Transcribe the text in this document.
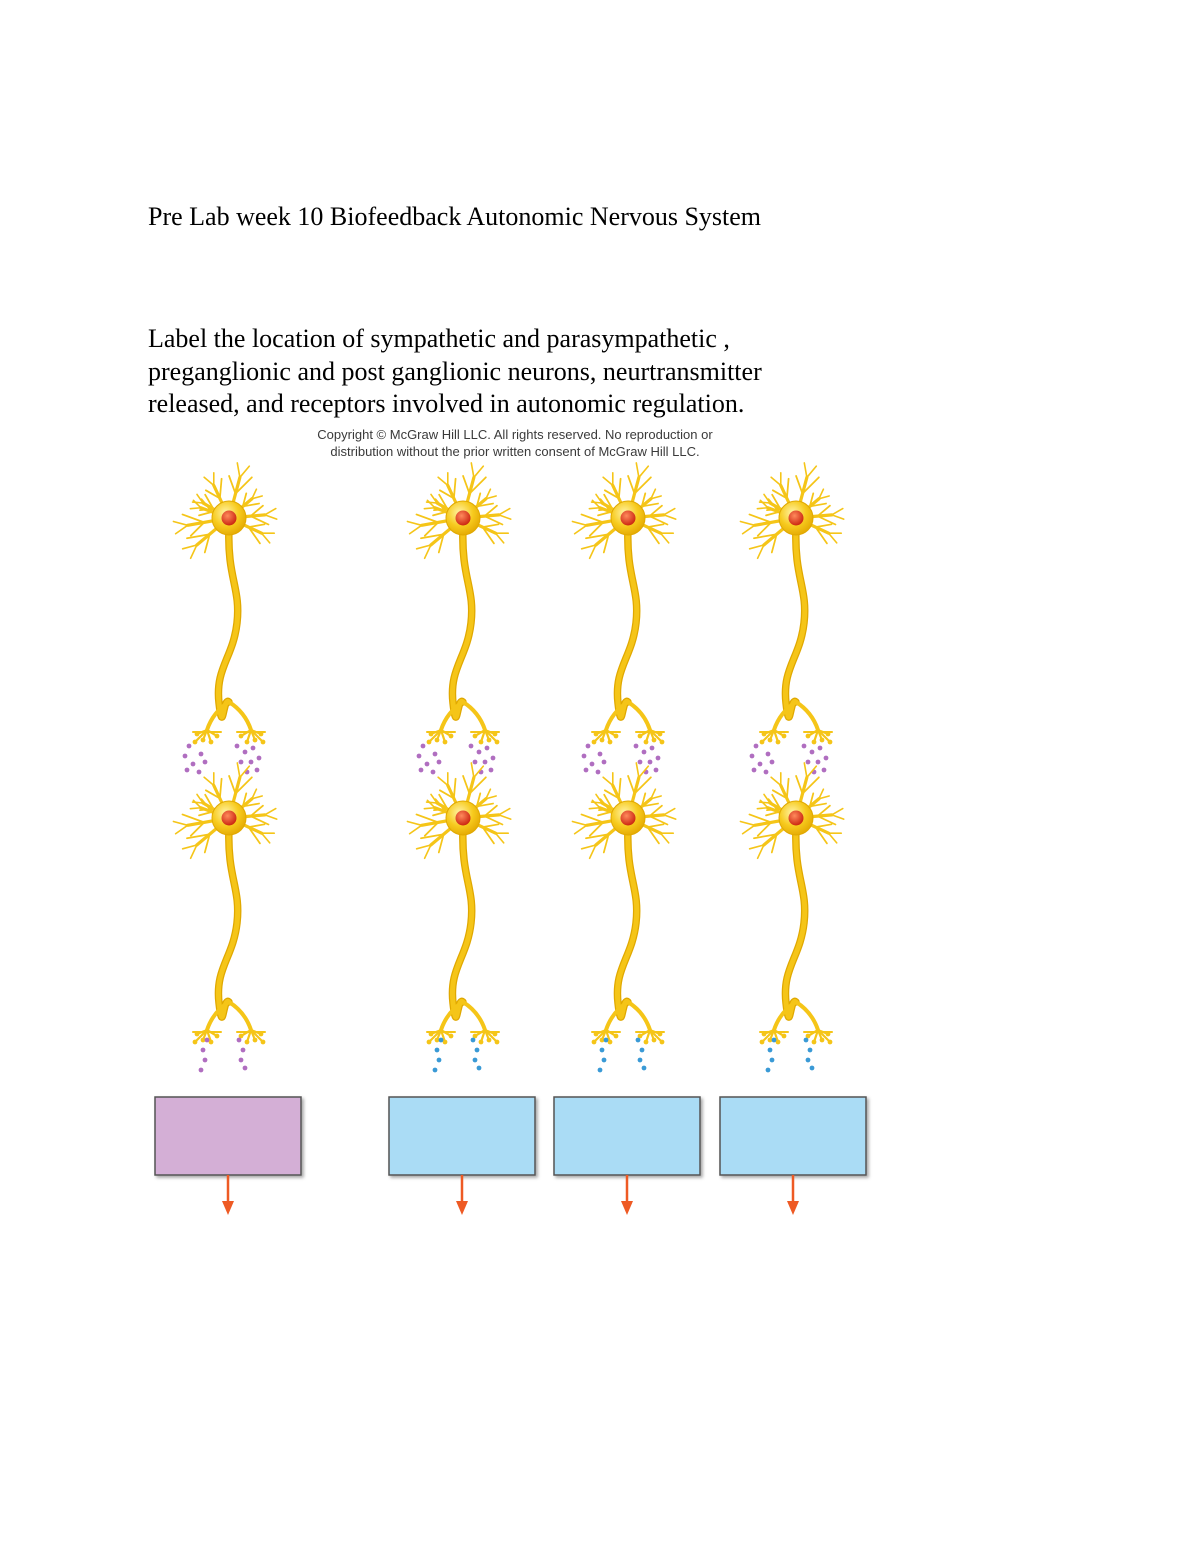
Pre Lab week 10 Biofeedback Autonomic Nervous System

Label the location of sympathetic and parasympathetic ,
preganglionic and post ganglionic neurons, neurtransmitter
released, and receptors involved in autonomic regulation.

Copyright © McGraw Hill LLC. All rights reserved. No reproduction or
distribution without the prior written consent of McGraw Hill LLC.
